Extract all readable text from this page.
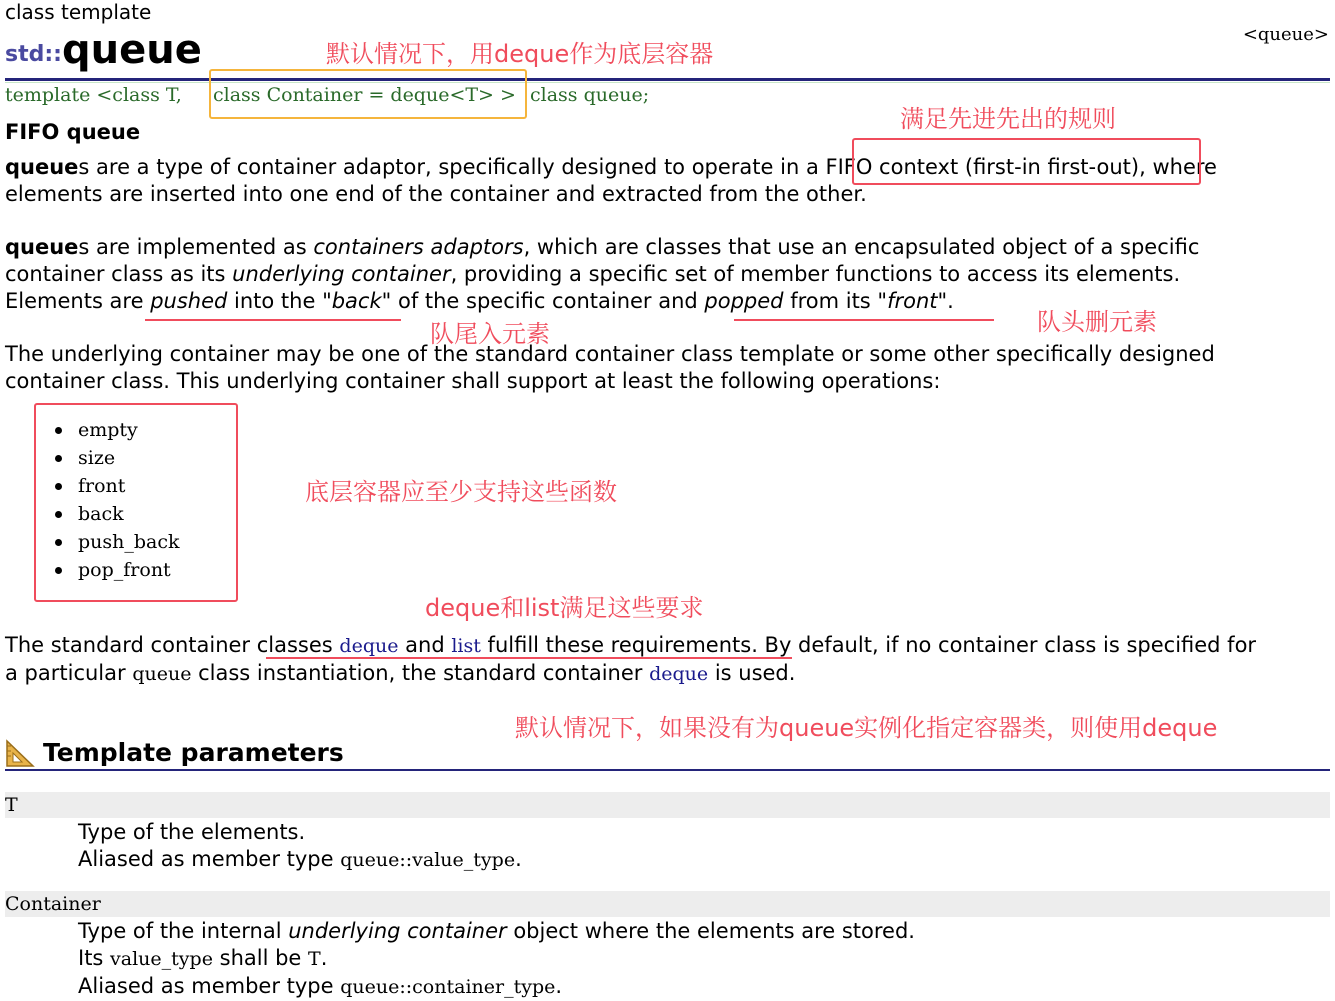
class template
std:: queue	<queue>
template <class T, class Container = deque<T> > class queue;
FIFO queue
queues are a type of container adaptor, specifically designed to operate in a FIFO context (first-in first-out), where
elements are inserted into one end of the container and extracted from the other.
queues are implemented as containers adaptors, which are classes that use an encapsulated object of a specific
container class as its underlying container, providing a specific set of member functions to access its elements.
Elements are pushed into the "back" of the specific container and popped from its "front".
The underlying container may be one of the standard container class template or some other specifically designed
container class. This underlying container shall support at least the following operations:
empty
size
front
back
push_back
pop_front
The standard container classes deque and list fulfill these requirements. By default, if no container class is specified for
a particular queue class instantiation, the standard container deque is used.
Template parameters
T
Type of the elements.
Aliased as member type queue::value_type.
Container
Type of the internal underlying container object where the elements are stored.
Its value_type shall be T.
Aliased as member type queue::container_type.
默认情况下，用deque作为底层容器
满足先进先出的规则
队尾入元素	队头删元素
底层容器应至少支持这些函数
deque和list满足这些要求
默认情况下，如果没有为queue实例化指定容器类，则使用deque
